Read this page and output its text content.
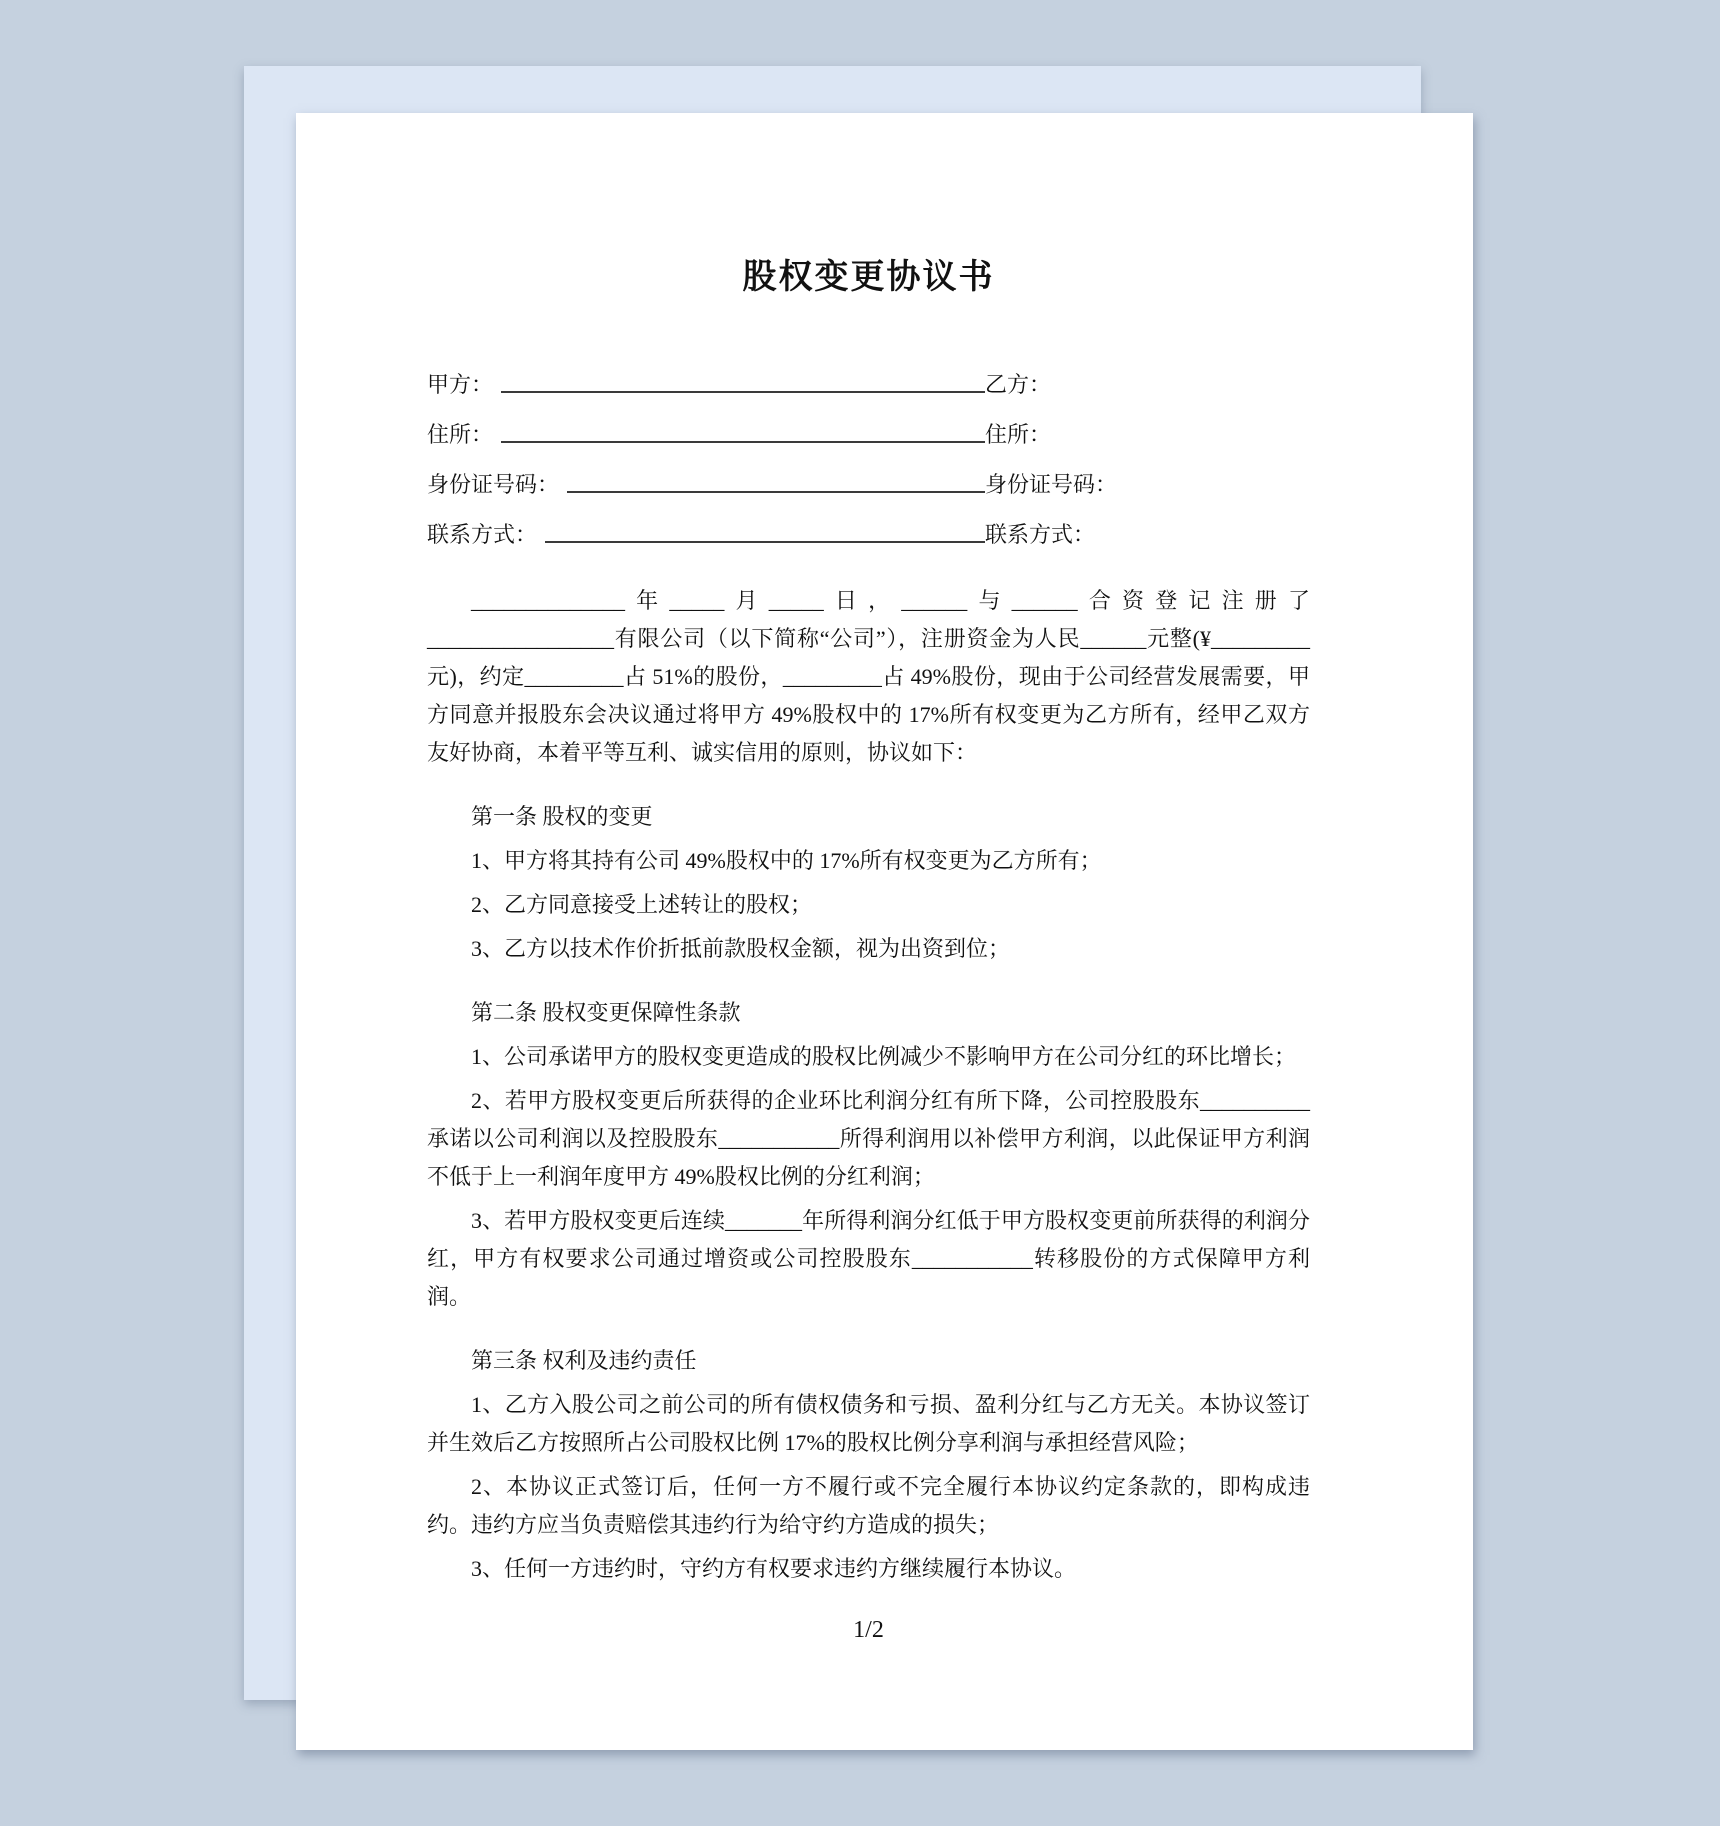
股权变更协议书
甲方：	乙方：
住所：	住所：
身份证号码：	身份证号码：
联系方式：	联系方式：

______________年_____月_____日，______与______合资登记注册了_________________有限公司（以下简称“公司”），注册资金为人民______元整(¥_________元)，约定_________占 51%的股份，_________占 49%股份，现由于公司经营发展需要，甲方同意并报股东会决议通过将甲方 49%股权中的 17%所有权变更为乙方所有，经甲乙双方友好协商，本着平等互利、诚实信用的原则，协议如下：

第一条 股权的变更

1、甲方将其持有公司 49%股权中的 17%所有权变更为乙方所有；

2、乙方同意接受上述转让的股权；

3、乙方以技术作价折抵前款股权金额，视为出资到位；

第二条 股权变更保障性条款

1、公司承诺甲方的股权变更造成的股权比例减少不影响甲方在公司分红的环比增长；

2、若甲方股权变更后所获得的企业环比利润分红有所下降，公司控股股东__________承诺以公司利润以及控股股东___________所得利润用以补偿甲方利润，以此保证甲方利润不低于上一利润年度甲方 49%股权比例的分红利润；

3、若甲方股权变更后连续_______年所得利润分红低于甲方股权变更前所获得的利润分红，甲方有权要求公司通过增资或公司控股股东___________转移股份的方式保障甲方利润。

第三条 权利及违约责任

1、乙方入股公司之前公司的所有债权债务和亏损、盈利分红与乙方无关。本协议签订并生效后乙方按照所占公司股权比例 17%的股权比例分享利润与承担经营风险；

2、本协议正式签订后，任何一方不履行或不完全履行本协议约定条款的，即构成违约。违约方应当负责赔偿其违约行为给守约方造成的损失；

3、任何一方违约时，守约方有权要求违约方继续履行本协议。

1/2
